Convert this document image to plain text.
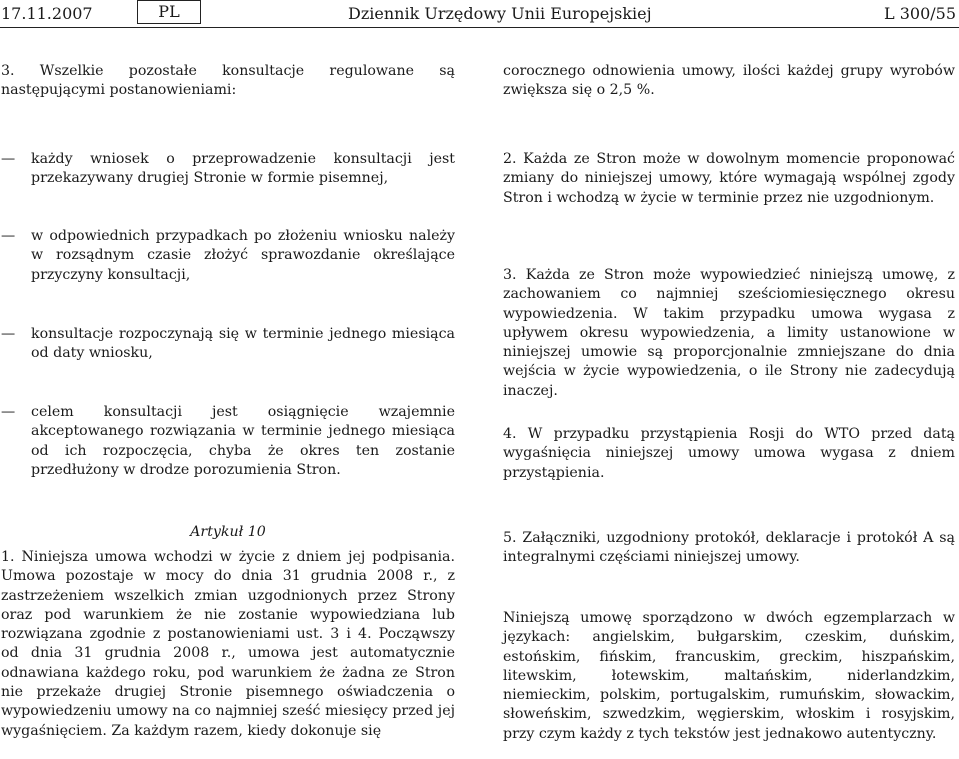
17.11.2007	PL	Dziennik Urzędowy Unii Europejskiej	L 300/55

3. Wszelkie pozostałe konsultacje regulowane są następującymi postanowieniami:

— każdy wniosek o przeprowadzenie konsultacji jest przekazywany drugiej Stronie w formie pisemnej,
— w odpowiednich przypadkach po złożeniu wniosku należy w rozsądnym czasie złożyć sprawozdanie określające przyczyny konsultacji,
— konsultacje rozpoczynają się w terminie jednego miesiąca od daty wniosku,
— celem konsultacji jest osiągnięcie wzajemnie akceptowanego rozwiązania w terminie jednego miesiąca od ich rozpoczęcia, chyba że okres ten zostanie przedłużony w drodze porozumienia Stron.

Artykuł 10

1. Niniejsza umowa wchodzi w życie z dniem jej podpisania. Umowa pozostaje w mocy do dnia 31 grudnia 2008 r., z zastrzeżeniem wszelkich zmian uzgodnionych przez Strony oraz pod warunkiem że nie zostanie wypowiedziana lub rozwiązana zgodnie z postanowieniami ust. 3 i 4. Począwszy od dnia 31 grudnia 2008 r., umowa jest automatycznie odnawiana każdego roku, pod warunkiem że żadna ze Stron nie przekaże drugiej Stronie pisemnego oświadczenia o wypowiedzeniu umowy na co najmniej sześć miesięcy przed jej wygaśnięciem. Za każdym razem, kiedy dokonuje się

corocznego odnowienia umowy, ilości każdej grupy wyrobów zwiększa się o 2,5 %.

2. Każda ze Stron może w dowolnym momencie proponować zmiany do niniejszej umowy, które wymagają wspólnej zgody Stron i wchodzą w życie w terminie przez nie uzgodnionym.

3. Każda ze Stron może wypowiedzieć niniejszą umowę, z zachowaniem co najmniej sześciomiesięcznego okresu wypowiedzenia. W takim przypadku umowa wygasa z upływem okresu wypowiedzenia, a limity ustanowione w niniejszej umowie są proporcjonalnie zmniejszane do dnia wejścia w życie wypowiedzenia, o ile Strony nie zadecydują inaczej.

4. W przypadku przystąpienia Rosji do WTO przed datą wygaśnięcia niniejszej umowy umowa wygasa z dniem przystąpienia.

5. Załączniki, uzgodniony protokół, deklaracje i protokół A są integralnymi częściami niniejszej umowy.

Niniejszą umowę sporządzono w dwóch egzemplarzach w językach: angielskim, bułgarskim, czeskim, duńskim, estońskim, fińskim, francuskim, greckim, hiszpańskim, litewskim, łotewskim, maltańskim, niderlandzkim, niemieckim, polskim, portugalskim, rumuńskim, słowackim, słoweńskim, szwedzkim, węgierskim, włoskim i rosyjskim, przy czym każdy z tych tekstów jest jednakowo autentyczny.
